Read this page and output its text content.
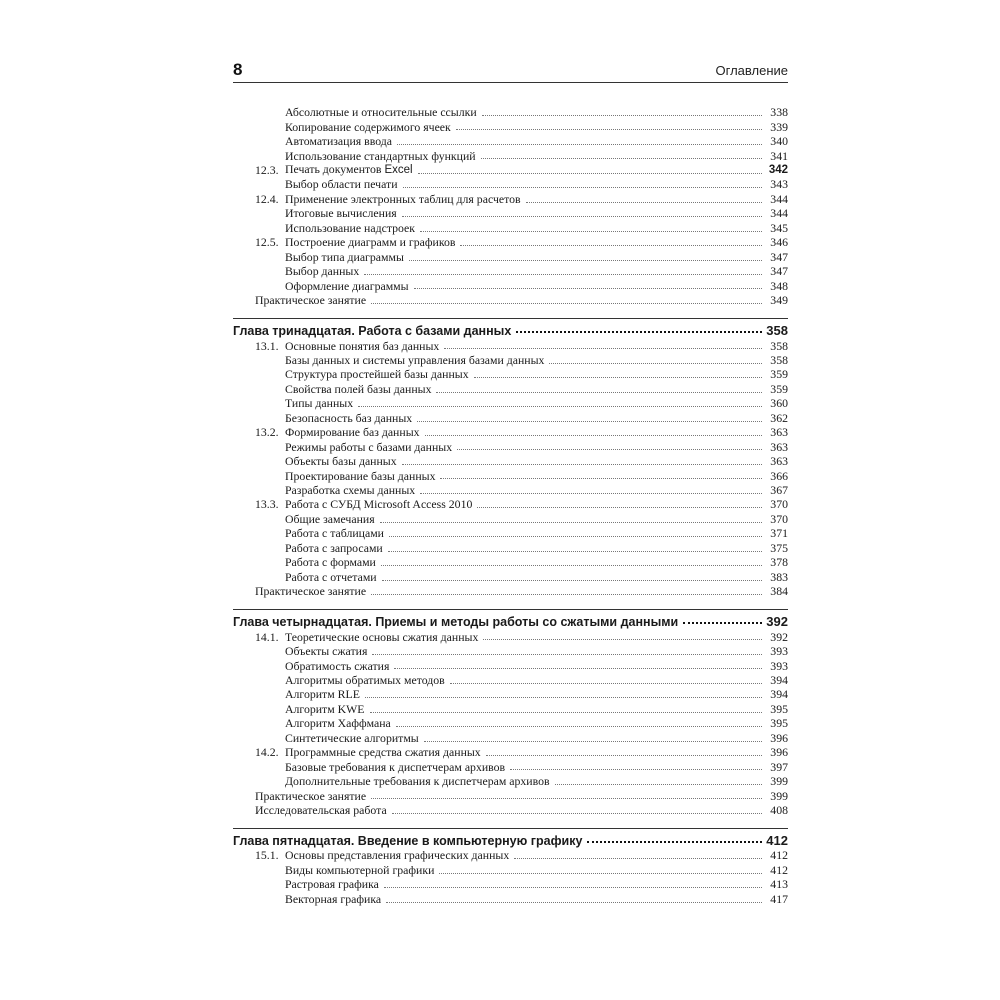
8	Оглавление
Абсолютные и относительные ссылки	338
Копирование содержимого ячеек	339
Автоматизация ввода	340
Использование стандартных функций	341
12.3. Печать документов Excel	342
Выбор области печати	343
12.4. Применение электронных таблиц для расчетов	344
Итоговые вычисления	344
Использование надстроек	345
12.5. Построение диаграмм и графиков	346
Выбор типа диаграммы	347
Выбор данных	347
Оформление диаграммы	348
Практическое занятие	349
Глава тринадцатая. Работа с базами данных	358
13.1. Основные понятия баз данных	358
Базы данных и системы управления базами данных	358
Структура простейшей базы данных	359
Свойства полей базы данных	359
Типы данных	360
Безопасность баз данных	362
13.2. Формирование баз данных	363
Режимы работы с базами данных	363
Объекты базы данных	363
Проектирование базы данных	366
Разработка схемы данных	367
13.3. Работа с СУБД Microsoft Access 2010	370
Общие замечания	370
Работа с таблицами	371
Работа с запросами	375
Работа с формами	378
Работа с отчетами	383
Практическое занятие	384
Глава четырнадцатая. Приемы и методы работы со сжатыми данными	392
14.1. Теоретические основы сжатия данных	392
Объекты сжатия	393
Обратимость сжатия	393
Алгоритмы обратимых методов	394
Алгоритм RLE	394
Алгоритм KWE	395
Алгоритм Хаффмана	395
Синтетические алгоритмы	396
14.2. Программные средства сжатия данных	396
Базовые требования к диспетчерам архивов	397
Дополнительные требования к диспетчерам архивов	399
Практическое занятие	399
Исследовательская работа	408
Глава пятнадцатая. Введение в компьютерную графику	412
15.1. Основы представления графических данных	412
Виды компьютерной графики	412
Растровая графика	413
Векторная графика	417
